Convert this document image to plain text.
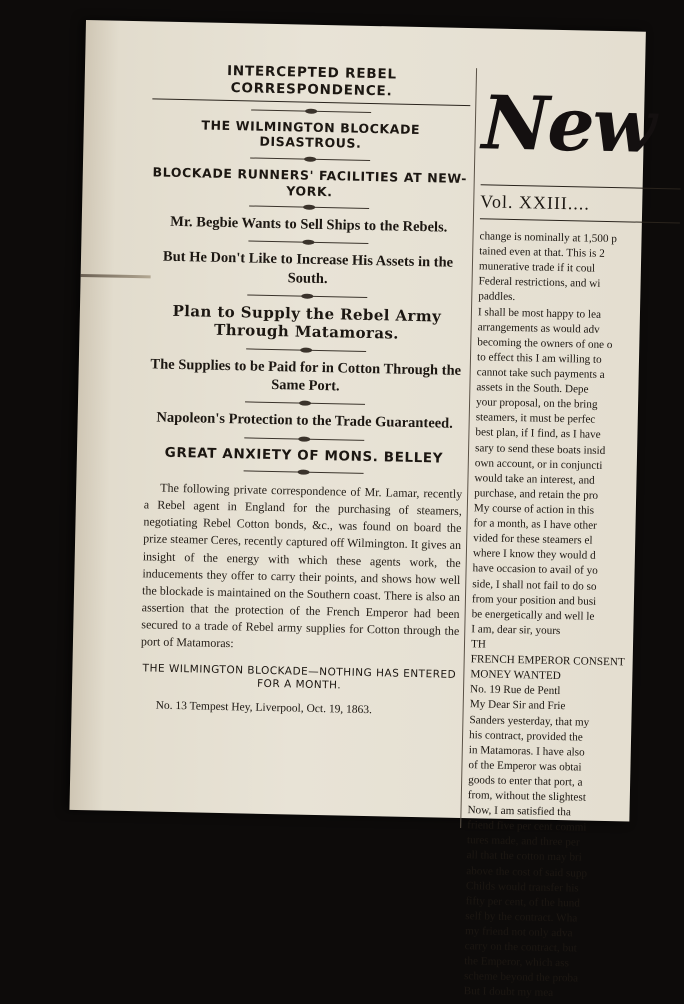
INTERCEPTED REBEL CORRESPONDENCE.

THE WILMINGTON BLOCKADE DISASTROUS.

BLOCKADE RUNNERS' FACILITIES AT NEW-YORK.

Mr. Begbie Wants to Sell Ships to the Rebels.

But He Don't Like to Increase His Assets in the South.

Plan to Supply the Rebel Army Through Matamoras.

The Supplies to be Paid for in Cotton Through the Same Port.

Napoleon's Protection to the Trade Guaranteed.

GREAT ANXIETY OF MONS. BELLEY

The following private correspondence of Mr. Lamar, recently a Rebel agent in England for the purchasing of steamers, negotiating Rebel Cotton bonds, &c., was found on board the prize steamer Ceres, recently captured off Wilmington. It gives an insight of the energy with which these agents work, the inducements they offer to carry their points, and shows how well the blockade is maintained on the Southern coast. There is also an assertion that the protection of the French Emperor had been secured to a trade of Rebel army supplies for Cotton through the port of Matamoras:

THE WILMINGTON BLOCKADE—NOTHING HAS ENTERED FOR A MONTH.

No. 13 Tempest Hey, Liverpool, Oct. 19, 1863.

New
Vol. XXIII....

change is nominally at 1,500 p

tained even at that. This is 2

munerative trade if it coul

Federal restrictions, and wi

paddles.

I shall be most happy to lea

arrangements as would adv

becoming the owners of one o

to effect this I am willing to

cannot take such payments a

assets in the South. Depe

your proposal, on the bring

steamers, it must be perfec

best plan, if I find, as I have

sary to send these boats insid

own account, or in conjuncti

would take an interest, and

purchase, and retain the pro

My course of action in this

for a month, as I have other

vided for these steamers el

where I know they would d

have occasion to avail of yo

side, I shall not fail to do so

from your position and busi

be energetically and well le

I am, dear sir, yours

TH

FRENCH EMPEROR CONSENT

MONEY WANTED

No. 19 Rue de Pentl

My Dear Sir and Frie

Sanders yesterday, that my

his contract, provided the

in Matamoras. I have also

of the Emperor was obtai

goods to enter that port, a

from, without the slightest

Now, I am satisfied tha

friend five per cent commi

tures made, and three per

all that the cotton may bri

above the cost of said supp

Childs would transfer his

fifty per cent, of the hund

self by the contract. Wha

my friend not only adva

carry on the contract, but

the Emperor, which ass

scheme beyond the proba

But I doubt my mea
